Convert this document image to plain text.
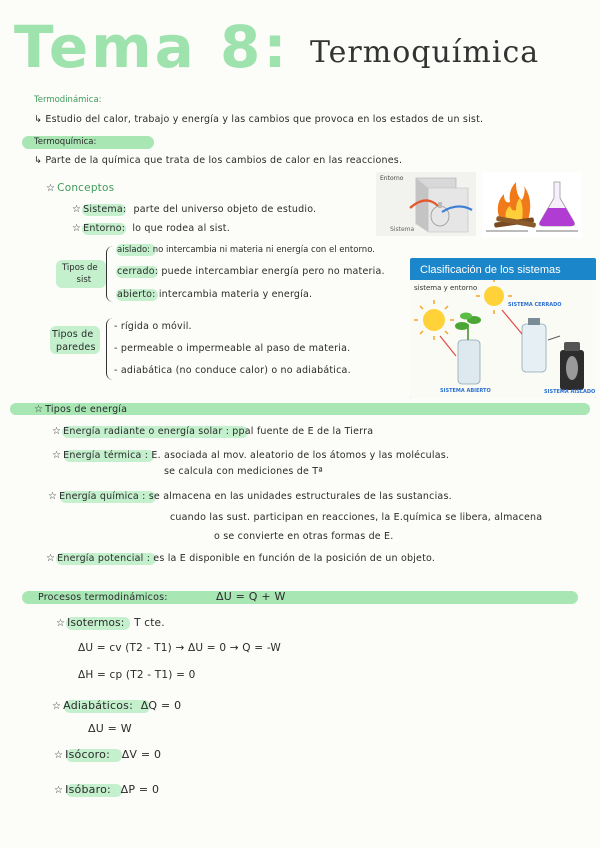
Tema 8: Termoquímica
Termodinámica:
↳ Estudio del calor, trabajo y energía y las cambios que provoca en los estados de un sist.
Termoquímica:
↳ Parte de la química que trata de los cambios de calor en las reacciones.
☆ Conceptos
☆ Sistema: parte del universo objeto de estudio.
☆ Entorno: lo que rodea al sist.
Tipos de
sist
aislado: no intercambia ni materia ni energía con el entorno.
cerrado: puede intercambiar energía pero no materia.
abierto: intercambia materia y energía.
Tipos de
paredes
- rígida o móvil.
- permeable o impermeable al paso de materia.
- adiabática (no conduce calor) o no adiabática.
Entorno
Sistema
Clasificación de los sistemas
sistema y entorno
SISTEMA CERRADO
SISTEMA ABIERTO	SISTEMA AISLADO
☆ Tipos de energía
☆ Energía radiante o energía solar : ppal fuente de E de la Tierra
☆ Energía térmica : E. asociada al mov. aleatorio de los átomos y las moléculas.
se calcula con mediciones de Tª
☆ Energía química : se almacena en las unidades estructurales de las sustancias.
cuando las sust. participan en reacciones, la E.química se libera, almacena
o se convierte en otras formas de E.
☆ Energía potencial : es la E disponible en función de la posición de un objeto.
Procesos termodinámicos:	ΔU = Q + W
☆ Isotermos: T cte.
ΔU = cv (T2 - T1) → ΔU = 0 → Q = -W
ΔH = cp (T2 - T1) = 0
☆ Adiabáticos: ΔQ = 0
ΔU = W
☆ Isócoro: ΔV = 0
☆ Isóbaro: ΔP = 0
